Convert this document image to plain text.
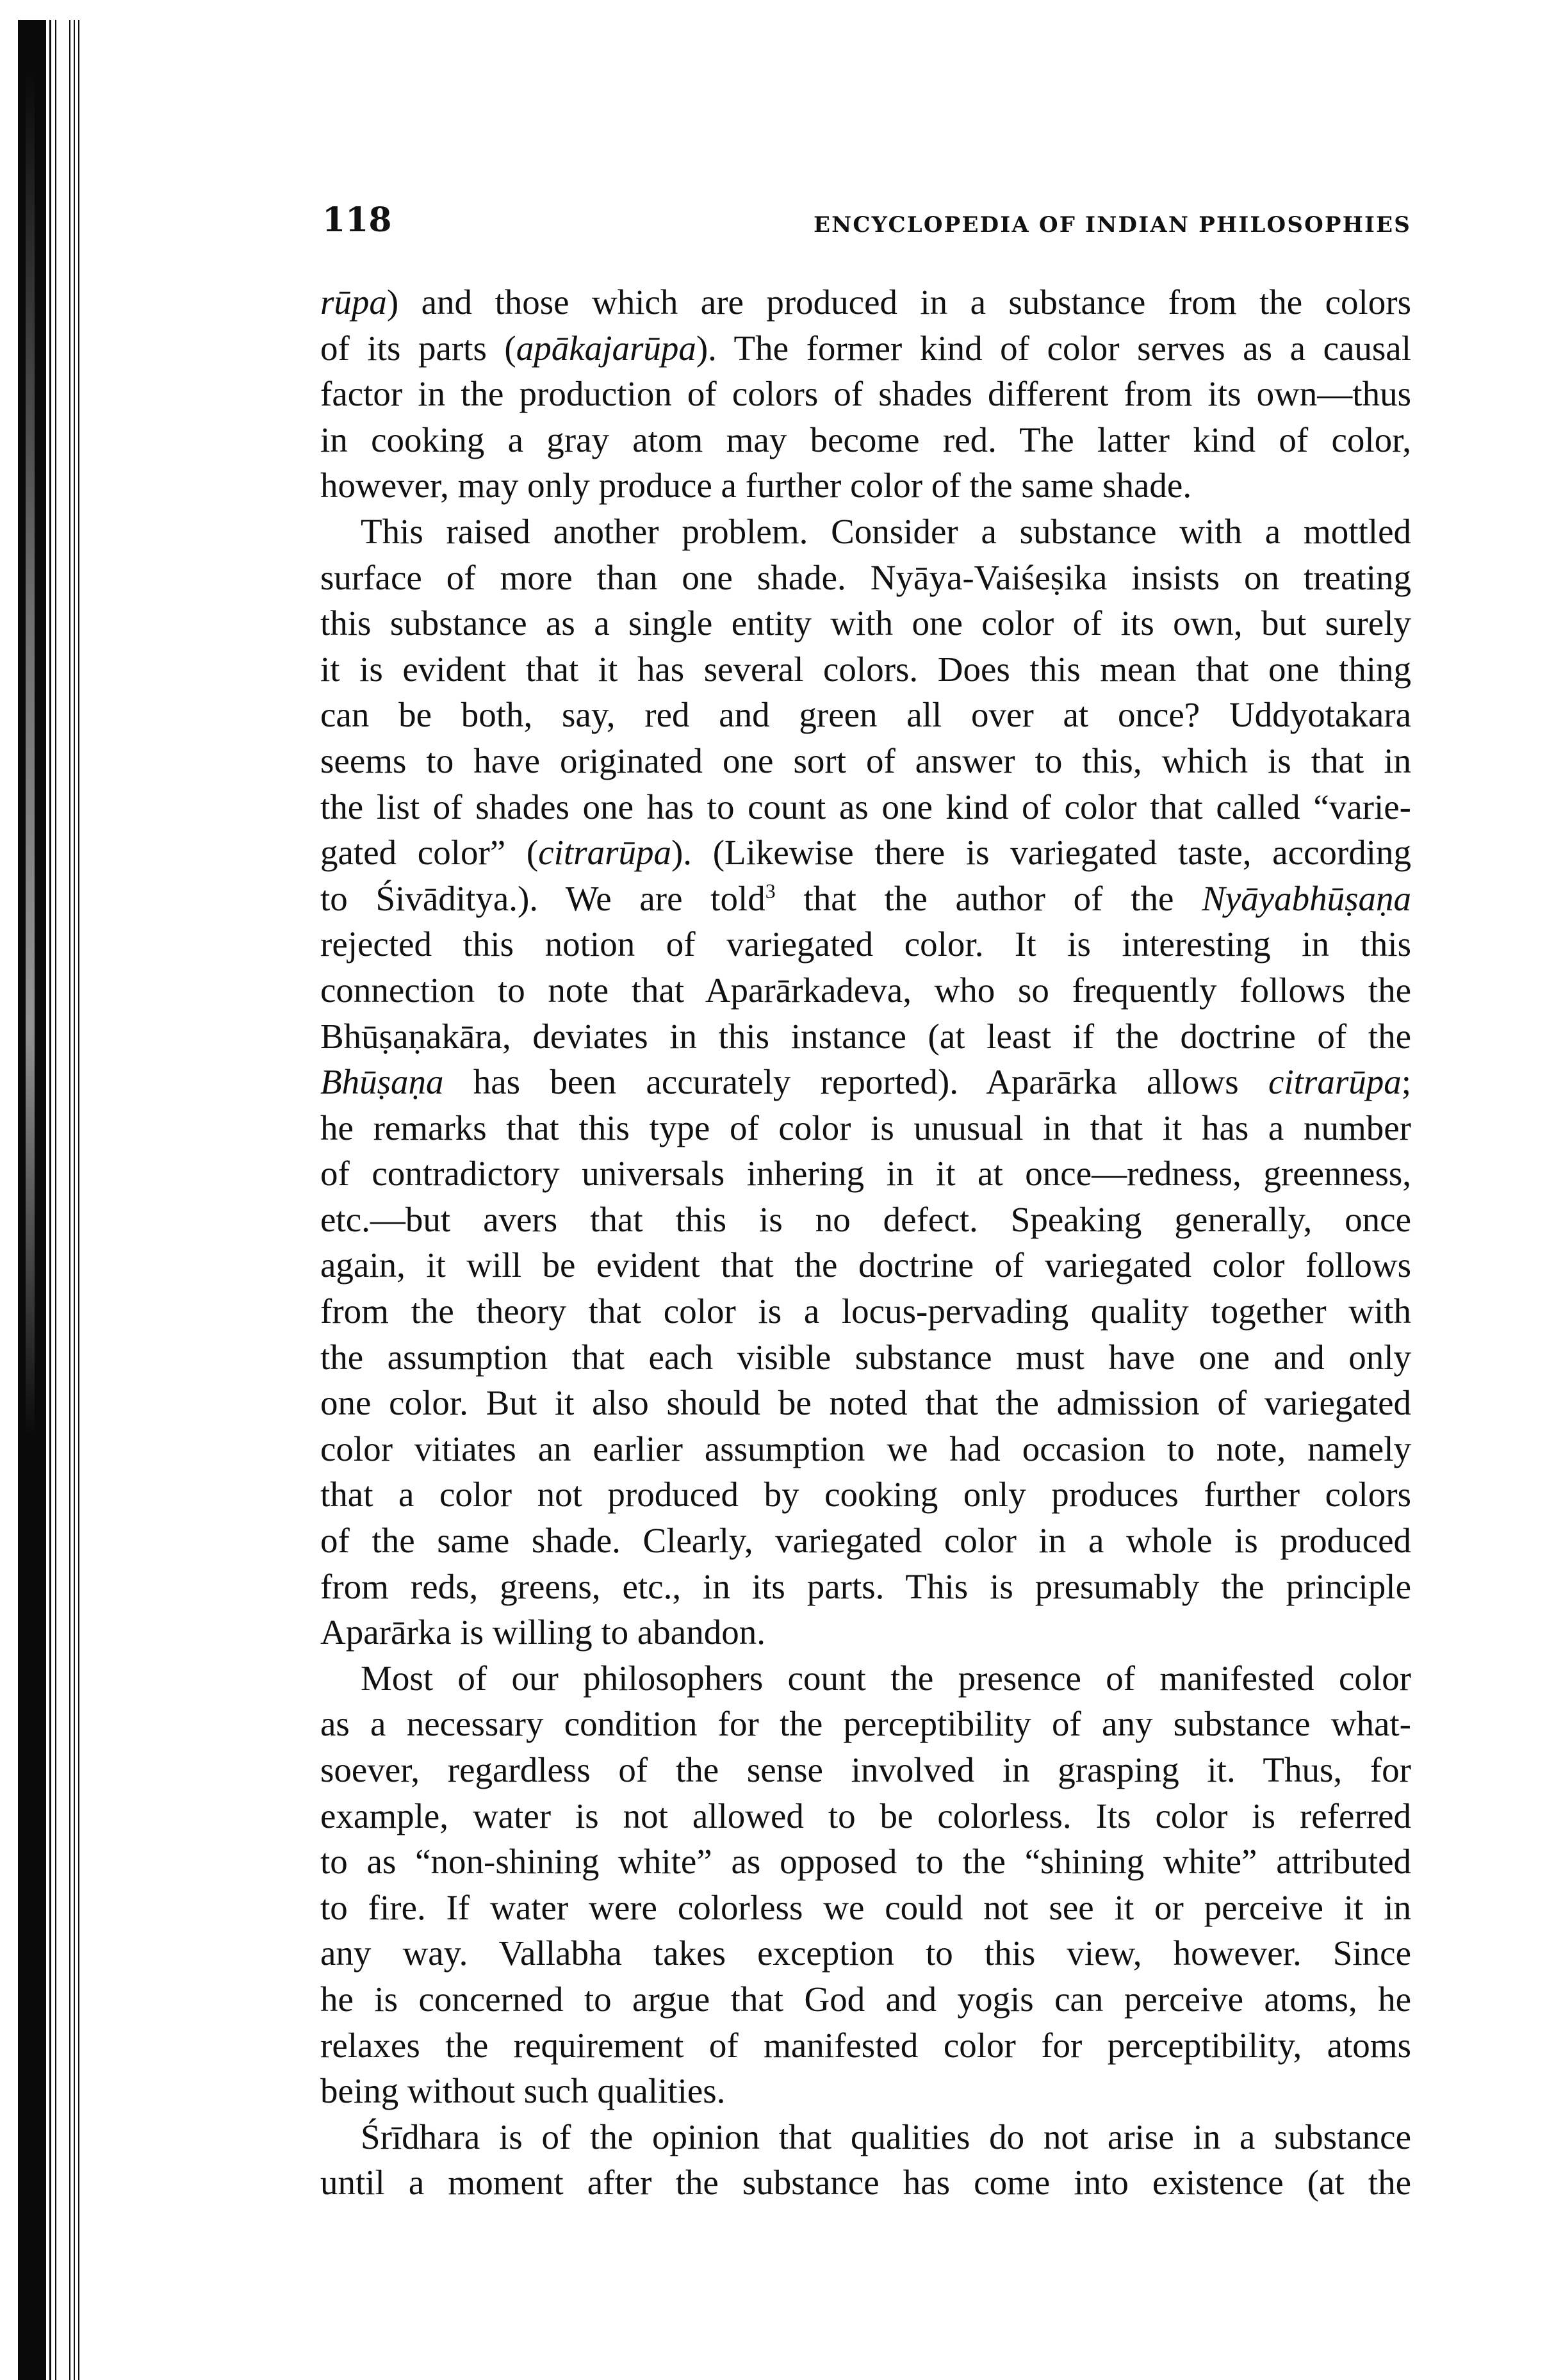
118	ENCYCLOPEDIA OF INDIAN PHILOSOPHIES
rūpa) and those which are produced in a substance from the colors
of its parts (apākajarūpa). The former kind of color serves as a causal
factor in the production of colors of shades different from its own—thus
in cooking a gray atom may become red. The latter kind of color,
however, may only produce a further color of the same shade.
This raised another problem. Consider a substance with a mottled
surface of more than one shade. Nyāya-Vaiśeṣika insists on treating
this substance as a single entity with one color of its own, but surely
it is evident that it has several colors. Does this mean that one thing
can be both, say, red and green all over at once? Uddyotakara
seems to have originated one sort of answer to this, which is that in
the list of shades one has to count as one kind of color that called “varie-
gated color” (citrarūpa). (Likewise there is variegated taste, according
to Śivāditya.). We are told$^3$ that the author of the Nyāyabhūṣaṇa
rejected this notion of variegated color. It is interesting in this
connection to note that Aparārkadeva, who so frequently follows the
Bhūṣaṇakāra, deviates in this instance (at least if the doctrine of the
Bhūṣaṇa has been accurately reported). Aparārka allows citrarūpa;
he remarks that this type of color is unusual in that it has a number
of contradictory universals inhering in it at once—redness, greenness,
etc.—but avers that this is no defect. Speaking generally, once
again, it will be evident that the doctrine of variegated color follows
from the theory that color is a locus-pervading quality together with
the assumption that each visible substance must have one and only
one color. But it also should be noted that the admission of variegated
color vitiates an earlier assumption we had occasion to note, namely
that a color not produced by cooking only produces further colors
of the same shade. Clearly, variegated color in a whole is produced
from reds, greens, etc., in its parts. This is presumably the principle
Aparārka is willing to abandon.
Most of our philosophers count the presence of manifested color
as a necessary condition for the perceptibility of any substance what-
soever, regardless of the sense involved in grasping it. Thus, for
example, water is not allowed to be colorless. Its color is referred
to as “non-shining white” as opposed to the “shining white” attributed
to fire. If water were colorless we could not see it or perceive it in
any way. Vallabha takes exception to this view, however. Since
he is concerned to argue that God and yogis can perceive atoms, he
relaxes the requirement of manifested color for perceptibility, atoms
being without such qualities.
Śrīdhara is of the opinion that qualities do not arise in a substance
until a moment after the substance has come into existence (at the
